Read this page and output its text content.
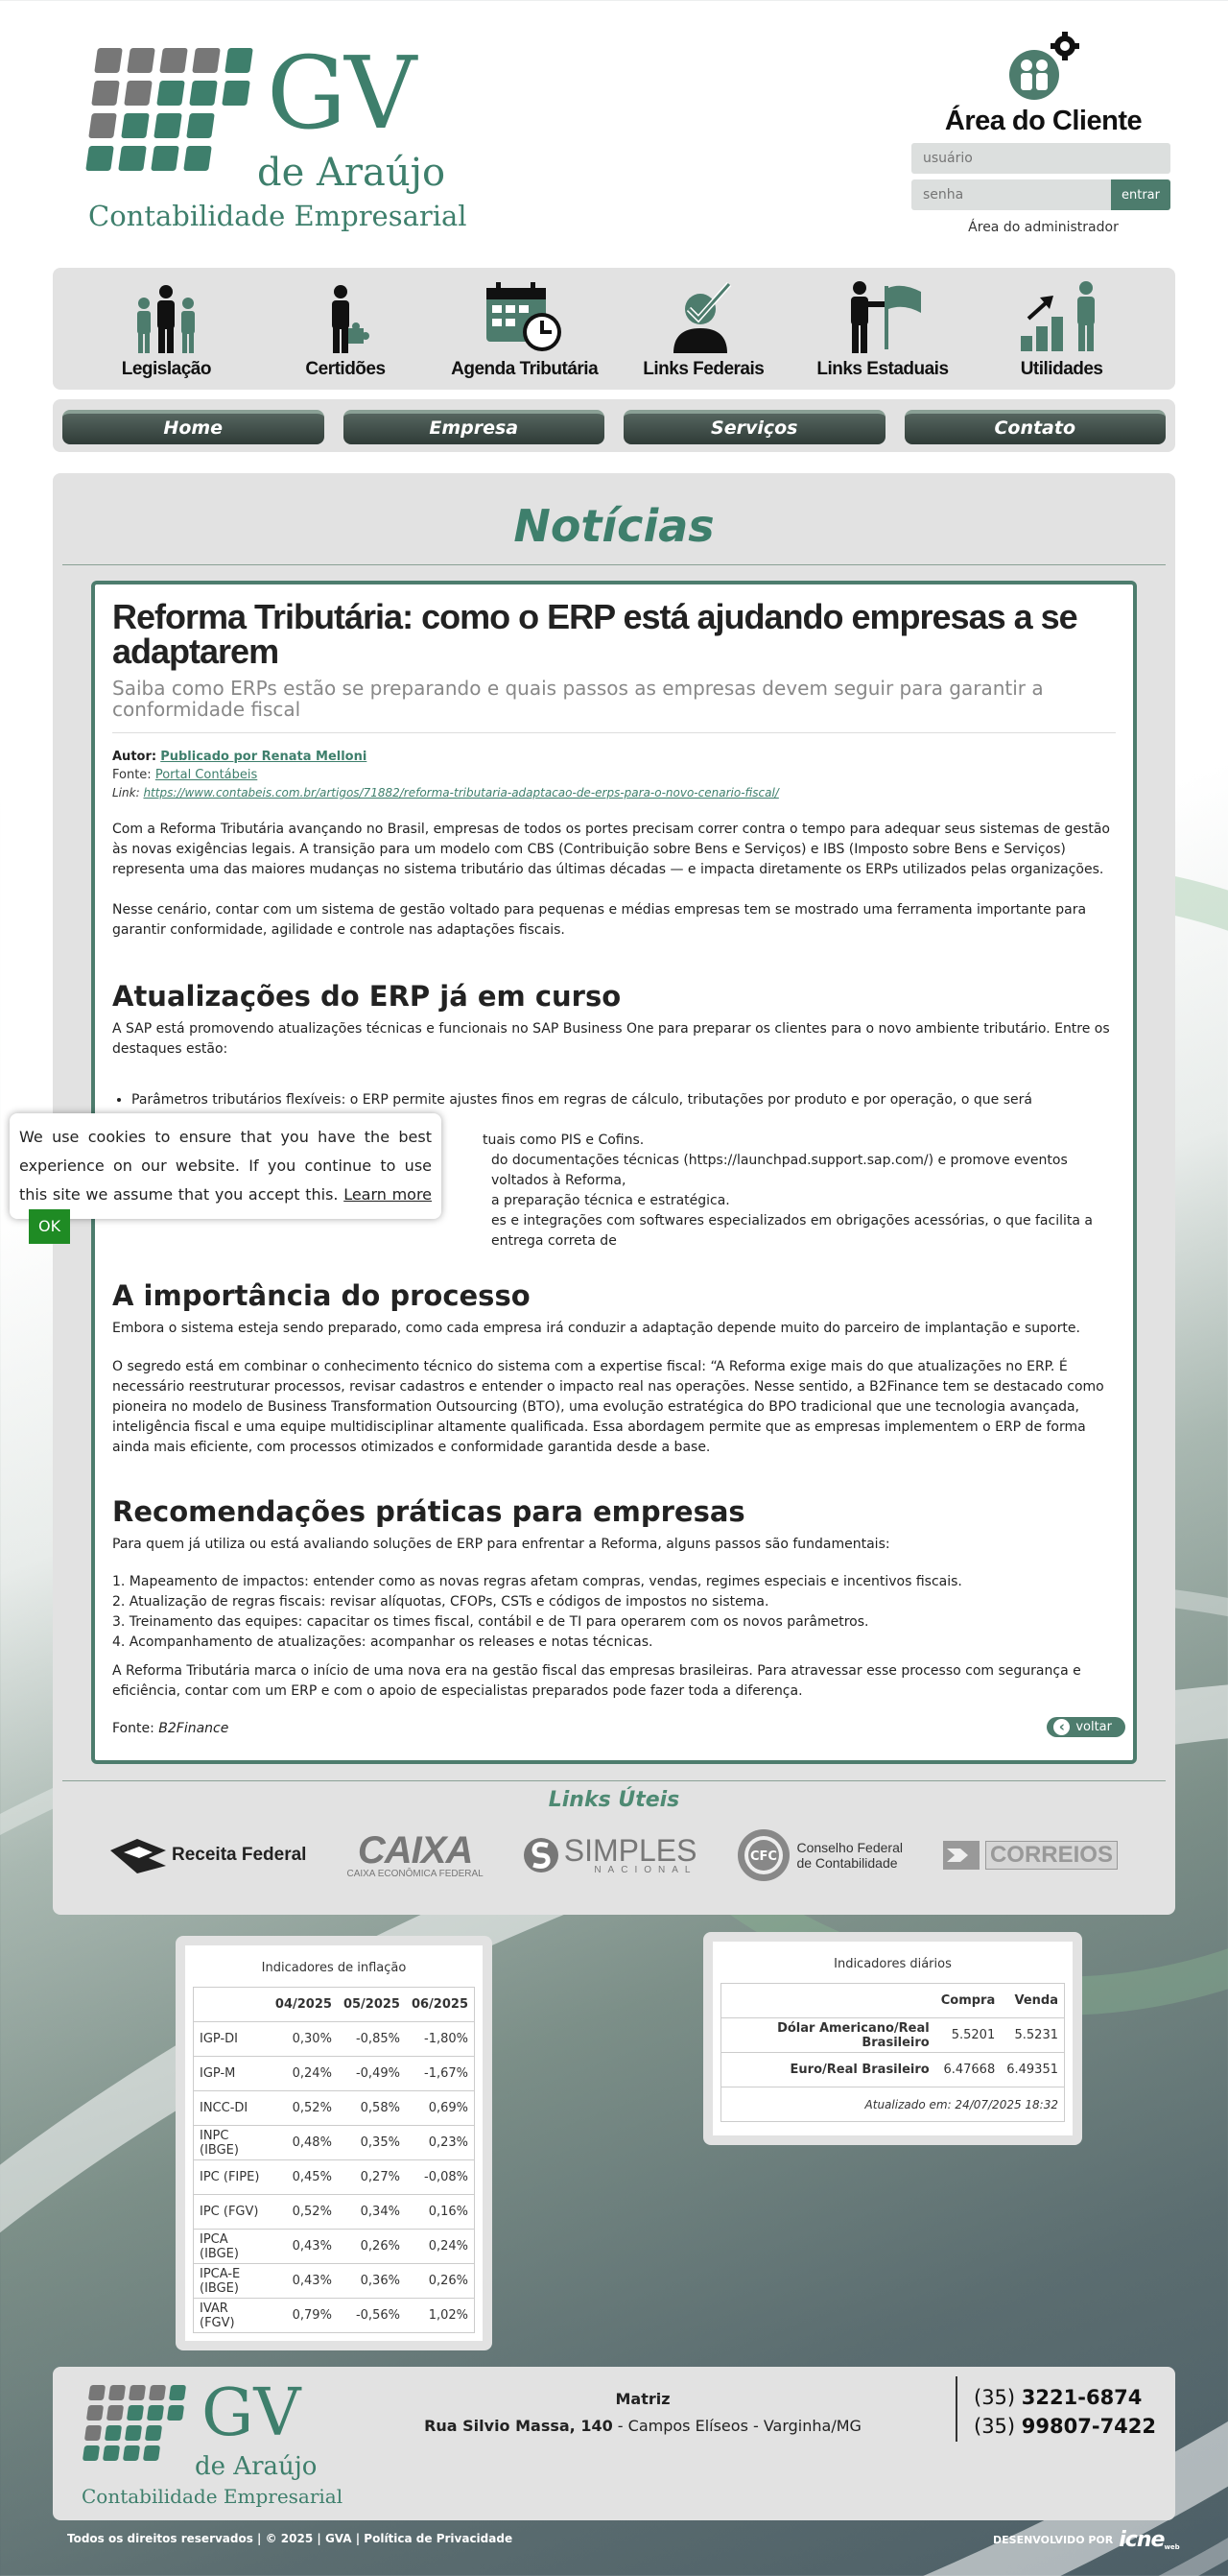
GV
de Araújo
Contabilidade Empresarial
Área do Cliente
usuário
entrar
Área do administrador
Legislação	Certidões	Agenda Tributária	Links Federais	Links Estaduais	Utilidades
Home	Empresa	Serviços	Contato
Notícias
Reforma Tributária: como o ERP está ajudando empresas a se adaptarem
Saiba como ERPs estão se preparando e quais passos as empresas devem seguir para garantir a conformidade fiscal
Autor: Publicado por Renata Melloni
Fonte: Portal Contábeis
Link: https://www.contabeis.com.br/artigos/71882/reforma-tributaria-adaptacao-de-erps-para-o-novo-cenario-fiscal/
Com a Reforma Tributária avançando no Brasil, empresas de todos os portes precisam correr contra o tempo para adequar seus sistemas de gestão às novas exigências legais. A transição para um modelo com CBS (Contribuição sobre Bens e Serviços) e IBS (Imposto sobre Bens e Serviços) representa uma das maiores mudanças no sistema tributário das últimas décadas — e impacta diretamente os ERPs utilizados pelas organizações.
Nesse cenário, contar com um sistema de gestão voltado para pequenas e médias empresas tem se mostrado uma ferramenta importante para garantir conformidade, agilidade e controle nas adaptações fiscais.
Atualizações do ERP já em curso
A SAP está promovendo atualizações técnicas e funcionais no SAP Business One para preparar os clientes para o novo ambiente tributário. Entre os destaques estão:
• Parâmetros tributários flexíveis: o ERP permite ajustes finos em regras de cálculo, tributações por produto e por operação, o que será
tuais como PIS e Cofins.
do documentações técnicas (https://launchpad.support.sap.com/) e promove eventos voltados à Reforma,
a preparação técnica e estratégica.
es e integrações com softwares especializados em obrigações acessórias, o que facilita a entrega correta de
A importância do processo
Embora o sistema esteja sendo preparado, como cada empresa irá conduzir a adaptação depende muito do parceiro de implantação e suporte.
O segredo está em combinar o conhecimento técnico do sistema com a expertise fiscal: “A Reforma exige mais do que atualizações no ERP. É necessário reestruturar processos, revisar cadastros e entender o impacto real nas operações. Nesse sentido, a B2Finance tem se destacado como pioneira no modelo de Business Transformation Outsourcing (BTO), uma evolução estratégica do BPO tradicional que une tecnologia avançada, inteligência fiscal e uma equipe multidisciplinar altamente qualificada. Essa abordagem permite que as empresas implementem o ERP de forma ainda mais eficiente, com processos otimizados e conformidade garantida desde a base.
Recomendações práticas para empresas
Para quem já utiliza ou está avaliando soluções de ERP para enfrentar a Reforma, alguns passos são fundamentais:
1. Mapeamento de impactos: entender como as novas regras afetam compras, vendas, regimes especiais e incentivos fiscais.
2. Atualização de regras fiscais: revisar alíquotas, CFOPs, CSTs e códigos de impostos no sistema.
3. Treinamento das equipes: capacitar os times fiscal, contábil e de TI para operarem com os novos parâmetros.
4. Acompanhamento de atualizações: acompanhar os releases e notas técnicas.
A Reforma Tributária marca o início de uma nova era na gestão fiscal das empresas brasileiras. Para atravessar esse processo com segurança e eficiência, contar com um ERP e com o apoio de especialistas preparados pode fazer toda a diferença.
Fonte: B2Finance	‹ voltar
Links Úteis
Receita Federal CAIXA
CAIXA ECONÔMICA FEDERAL
SIMPLES
NACIONAL
CFC
Conselho Federal
de Contabilidade	CORREIOS
We use cookies to ensure that you have the best experience on our website. If you continue to use this site we assume that you accept this. Learn more OK
Indicadores de inflação
	04/2025	05/2025	06/2025
IGP-DI	0,30%	-0,85%	-1,80%
IGP-M	0,24%	-0,49%	-1,67%
INCC-DI	0,52%	0,58%	0,69%
INPC (IBGE)	0,48%	0,35%	0,23%
IPC (FIPE)	0,45%	0,27%	-0,08%
IPC (FGV)	0,52%	0,34%	0,16%
IPCA (IBGE)	0,43%	0,26%	0,24%
IPCA-E (IBGE)	0,43%	0,36%	0,26%
IVAR (FGV)	0,79%	-0,56%	1,02%
Indicadores diários
	Compra	Venda
Dólar Americano/Real Brasileiro	5.5201	5.5231
Euro/Real Brasileiro	6.47668	6.49351
Atualizado em: 24/07/2025 18:32		
GV
de Araújo
Contabilidade Empresarial
Matriz
Rua Silvio Massa, 140 - Campos Elíseos - Varginha/MG
(35) 3221-6874
(35) 99807-7422
Todos os direitos reservados | © 2025 | GVA | Política de Privacidade	DESENVOLVIDO POR icne web
